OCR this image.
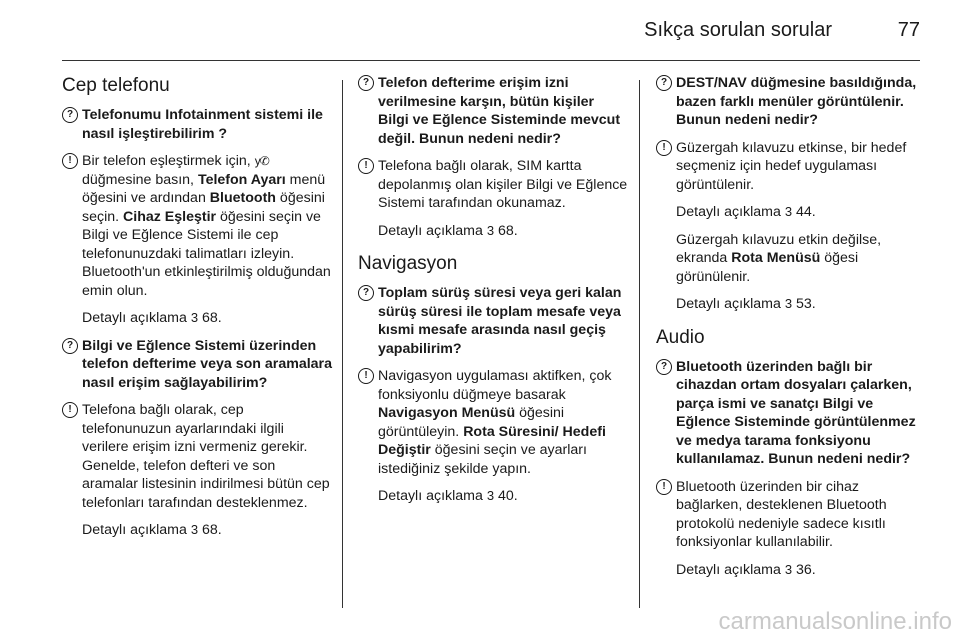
Sıkça sorulan sorular	77
Cep telefonu
? Telefonumu Infotainment sistemi ile nasıl işleştirebilirim ?
! Bir telefon eşleştirmek için, y✆ düğmesine basın, Telefon Ayarı menü öğesini ve ardından Bluetooth öğesini seçin. Cihaz Eşleştir öğesini seçin ve Bilgi ve Eğlence Sistemi ile cep telefonunuzdaki talimatları izleyin. Bluetooth'un etkinleştirilmiş olduğundan emin olun.
Detaylı açıklama 3 68.
? Bilgi ve Eğlence Sistemi üzerinden telefon defterime veya son aramalara nasıl erişim sağlayabilirim?
! Telefona bağlı olarak, cep telefonunuzun ayarlarındaki ilgili verilere erişim izni vermeniz gerekir. Genelde, telefon defteri ve son aramalar listesinin indirilmesi bütün cep telefonları tarafından desteklenmez.
Detaylı açıklama 3 68.
? Telefon defterime erişim izni verilmesine karşın, bütün kişiler Bilgi ve Eğlence Sisteminde mevcut değil. Bunun nedeni nedir?
! Telefona bağlı olarak, SIM kartta depolanmış olan kişiler Bilgi ve Eğlence Sistemi tarafından okunamaz.
Detaylı açıklama 3 68.
Navigasyon
? Toplam sürüş süresi veya geri kalan sürüş süresi ile toplam mesafe veya kısmi mesafe arasında nasıl geçiş yapabilirim?
! Navigasyon uygulaması aktifken, çok fonksiyonlu düğmeye basarak Navigasyon Menüsü öğesini görüntüleyin. Rota Süresini/ Hedefi Değiştir öğesini seçin ve ayarları istediğiniz şekilde yapın.
Detaylı açıklama 3 40.
? DEST/NAV düğmesine basıldığında, bazen farklı menüler görüntülenir. Bunun nedeni nedir?
! Güzergah kılavuzu etkinse, bir hedef seçmeniz için hedef uygulaması görüntülenir.
Detaylı açıklama 3 44.
Güzergah kılavuzu etkin değilse, ekranda Rota Menüsü öğesi görünülenir.
Detaylı açıklama 3 53.
Audio
? Bluetooth üzerinden bağlı bir cihazdan ortam dosyaları çalarken, parça ismi ve sanatçı Bilgi ve Eğlence Sisteminde görüntülenmez ve medya tarama fonksiyonu kullanılamaz. Bunun nedeni nedir?
! Bluetooth üzerinden bir cihaz bağlarken, desteklenen Bluetooth protokolü nedeniyle sadece kısıtlı fonksiyonlar kullanılabilir.
Detaylı açıklama 3 36.
carmanualsonline.info
